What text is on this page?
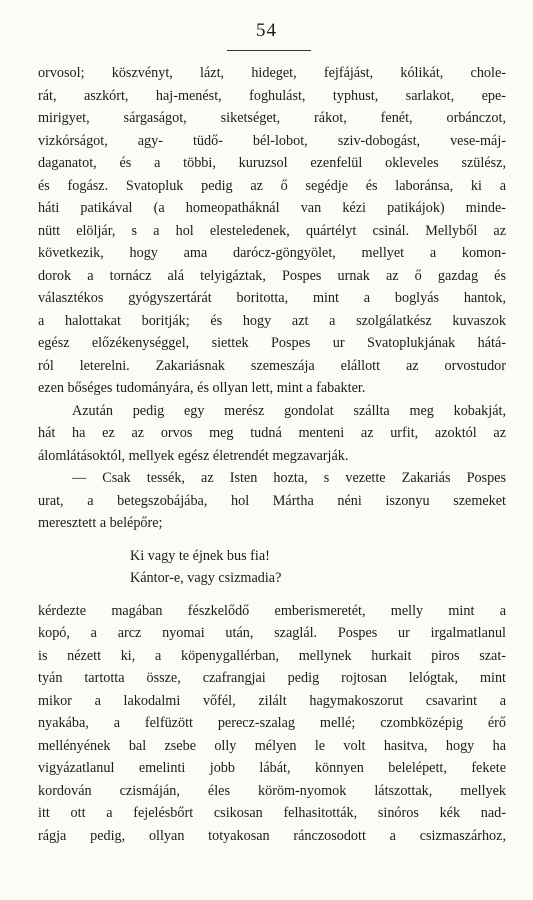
54
orvosol; köszvényt, lázt, hideget, fejfájást, kólikát, chole-
rát, aszkórt, haj-menést, foghulást, typhust, sarlakot, epe-
mirigyet, sárgaságot, siketséget, rákot, fenét, orbánczot,
vizkórságot, agy- tüdő- bél-lobot, sziv-dobogást, vese-máj-
daganatot, és a többi, kuruzsol ezenfelül okleveles szülész,
és fogász. Svatopluk pedig az ő segédje és laboránsa, ki a
háti patikával (a homeopatháknál van kézi patikájok) minde-
nütt elöljár, s a hol elesteledenek, quártélyt csinál. Mellyből az
következik, hogy ama darócz-göngyölet, mellyet a komon-
dorok a tornácz alá telyigáztak, Pospes urnak az ő gazdag és
választékos gyógyszertárát boritotta, mint a boglyás hantok,
a halottakat boritják; és hogy azt a szolgálatkész kuvaszok
egész előzékenységgel, siettek Pospes ur Svatoplukjának hátá-
ról leterelni. Zakariásnak szemeszája elállott az orvostudor
ezen bőséges tudományára, és ollyan lett, mint a fabakter.
Azután pedig egy merész gondolat szállta meg kobakját,
hát ha ez az orvos meg tudná menteni az urfit, azoktól az
álomlátásoktól, mellyek egész életrendét megzavarják.
— Csak tessék, az Isten hozta, s vezette Zakariás Pospes
urat, a betegszobájába, hol Mártha néni iszonyu szemeket
meresztett a belépőre;
Ki vagy te éjnek bus fia!
Kántor-e, vagy csizmadia?
kérdezte magában fészkelődő emberismeretét, melly mint a
kopó, a arcz nyomai után, szaglál. Pospes ur irgalmatlanul
is nézett ki, a köpenygallérban, mellynek hurkait piros szat-
tyán tartotta össze, czafrangjai pedig rojtosan lelógtak, mint
mikor a lakodalmi vőfél, zilált hagymakoszorut csavarint a
nyakába, a felfüzött perecz-szalag mellé; czombközépig érő
mellényének bal zsebe olly mélyen le volt hasitva, hogy ha
vigyázatlanul emelinti jobb lábát, könnyen belelépett, fekete
kordován czismáján, éles köröm-nyomok látszottak, mellyek
itt ott a fejelésbőrt csikosan felhasitották, sinóros kék nad-
rágja pedig, ollyan totyakosan ránczosodott a csizmaszárhoz,
